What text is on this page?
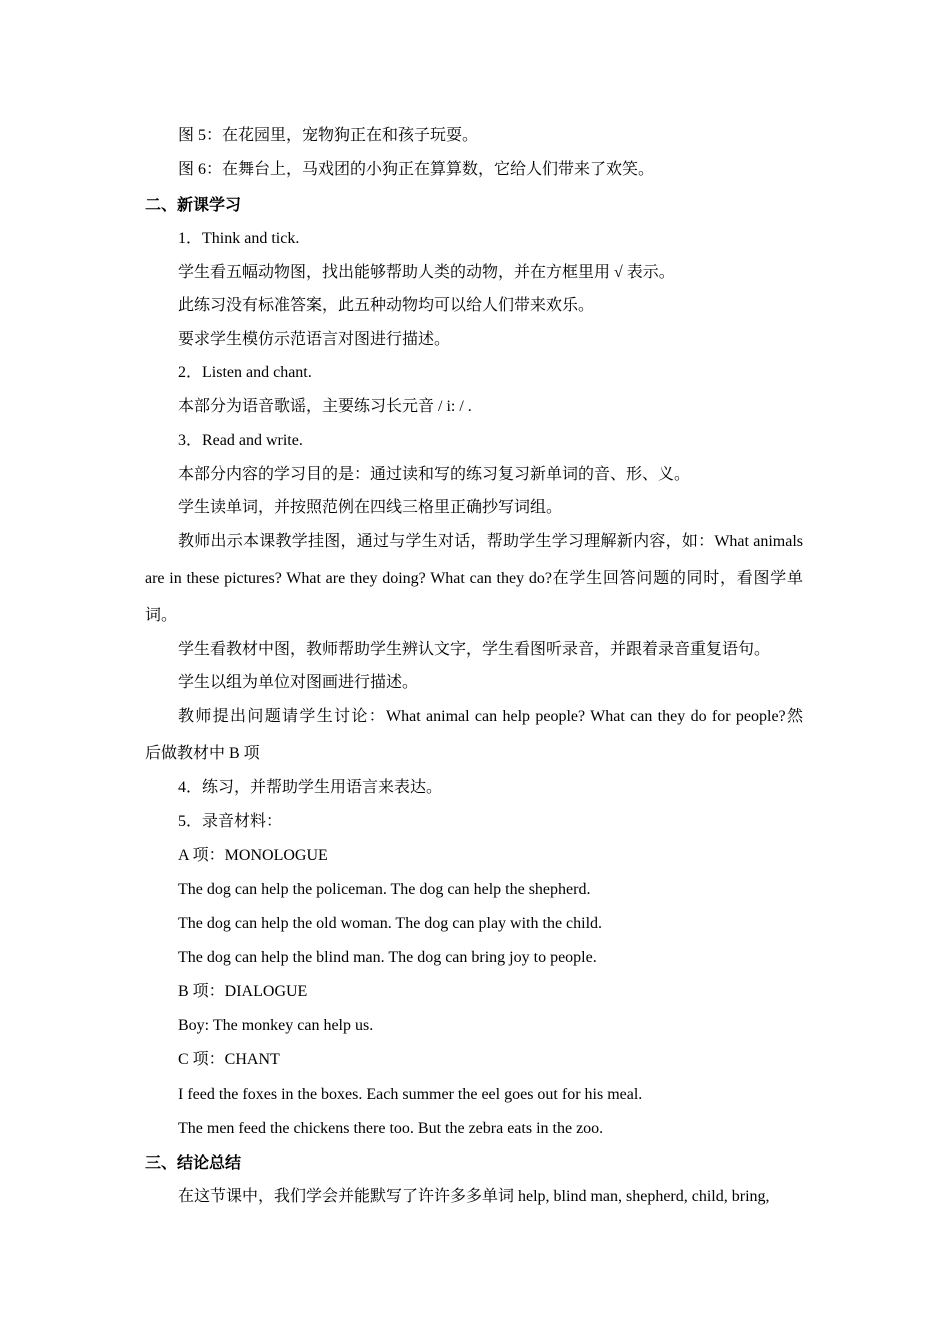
图 5：在花园里，宠物狗正在和孩子玩耍。
图 6：在舞台上，马戏团的小狗正在算算数，它给人们带来了欢笑。
二、新课学习
1．Think and tick.
学生看五幅动物图，找出能够帮助人类的动物，并在方框里用 √ 表示。
此练习没有标准答案，此五种动物均可以给人们带来欢乐。
要求学生模仿示范语言对图进行描述。
2．Listen and chant.
本部分为语音歌谣，主要练习长元音 / i: / .
3．Read and write.
本部分内容的学习目的是：通过读和写的练习复习新单词的音、形、义。
学生读单词，并按照范例在四线三格里正确抄写词组。
教师出示本课教学挂图，通过与学生对话，帮助学生学习理解新内容，如：What animals
are in these pictures? What are they doing? What can they do?在学生回答问题的同时，看图学单
词。
学生看教材中图，教师帮助学生辨认文字，学生看图听录音，并跟着录音重复语句。
学生以组为单位对图画进行描述。
教师提出问题请学生讨论：What animal can help people? What can they do for people?然
后做教材中 B 项
4．练习，并帮助学生用语言来表达。
5．录音材料：
A 项：MONOLOGUE
The dog can help the policeman. The dog can help the shepherd.
The dog can help the old woman. The dog can play with the child.
The dog can help the blind man. The dog can bring joy to people.
B 项：DIALOGUE
Boy: The monkey can help us.
C 项：CHANT
I feed the foxes in the boxes. Each summer the eel goes out for his meal.
The men feed the chickens there too. But the zebra eats in the zoo.
三、结论总结
在这节课中，我们学会并能默写了许许多多单词 help, blind man, shepherd, child, bring,
